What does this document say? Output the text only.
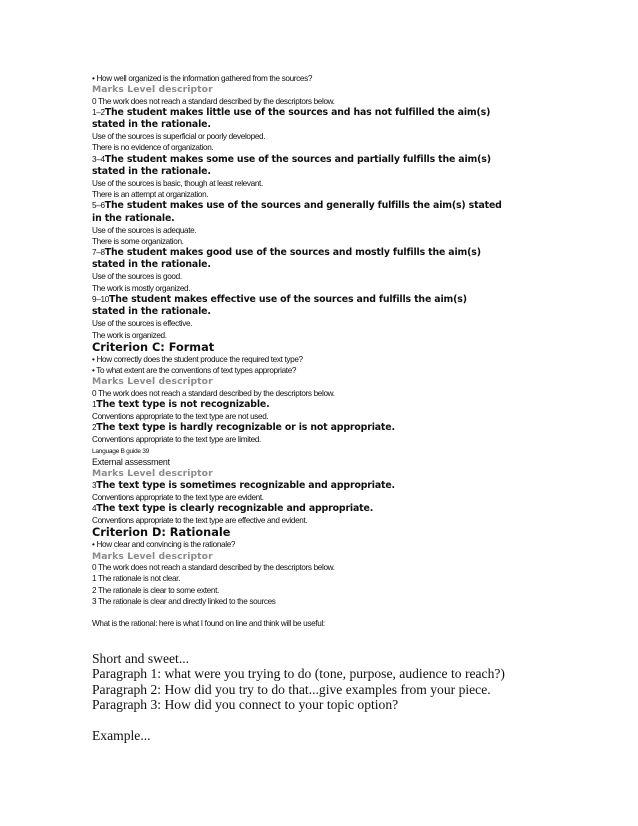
• How well organized is the information gathered from the sources?
Marks Level descriptor
0 The work does not reach a standard described by the descriptors below.
1–2The student makes little use of the sources and has not fulfilled the aim(s) stated in the rationale.
Use of the sources is superficial or poorly developed.
There is no evidence of organization.
3–4The student makes some use of the sources and partially fulfills the aim(s) stated in the rationale.
Use of the sources is basic, though at least relevant.
There is an attempt at organization.
5–6The student makes use of the sources and generally fulfills the aim(s) stated in the rationale.
Use of the sources is adequate.
There is some organization.
7–8The student makes good use of the sources and mostly fulfills the aim(s) stated in the rationale.
Use of the sources is good.
The work is mostly organized.
9–10The student makes effective use of the sources and fulfills the aim(s) stated in the rationale.
Use of the sources is effective.
The work is organized.
Criterion C: Format
• How correctly does the student produce the required text type?
• To what extent are the conventions of text types appropriate?
Marks Level descriptor
0 The work does not reach a standard described by the descriptors below.
1The text type is not recognizable.
Conventions appropriate to the text type are not used.
2The text type is hardly recognizable or is not appropriate.
Conventions appropriate to the text type are limited.
Language B guide 39
External assessment
Marks Level descriptor
3The text type is sometimes recognizable and appropriate.
Conventions appropriate to the text type are evident.
4The text type is clearly recognizable and appropriate.
Conventions appropriate to the text type are effective and evident.
Criterion D: Rationale
• How clear and convincing is the rationale?
Marks Level descriptor
0 The work does not reach a standard described by the descriptors below.
1 The rationale is not clear.
2 The rationale is clear to some extent.
3 The rationale is clear and directly linked to the sources
What is the rational: here is what I found on line and think will be useful:
Short and sweet...
Paragraph 1: what were you trying to do (tone, purpose, audience to reach?)
Paragraph 2: How did you try to do that...give examples from your piece.
Paragraph 3: How did you connect to your topic option?
Example...
